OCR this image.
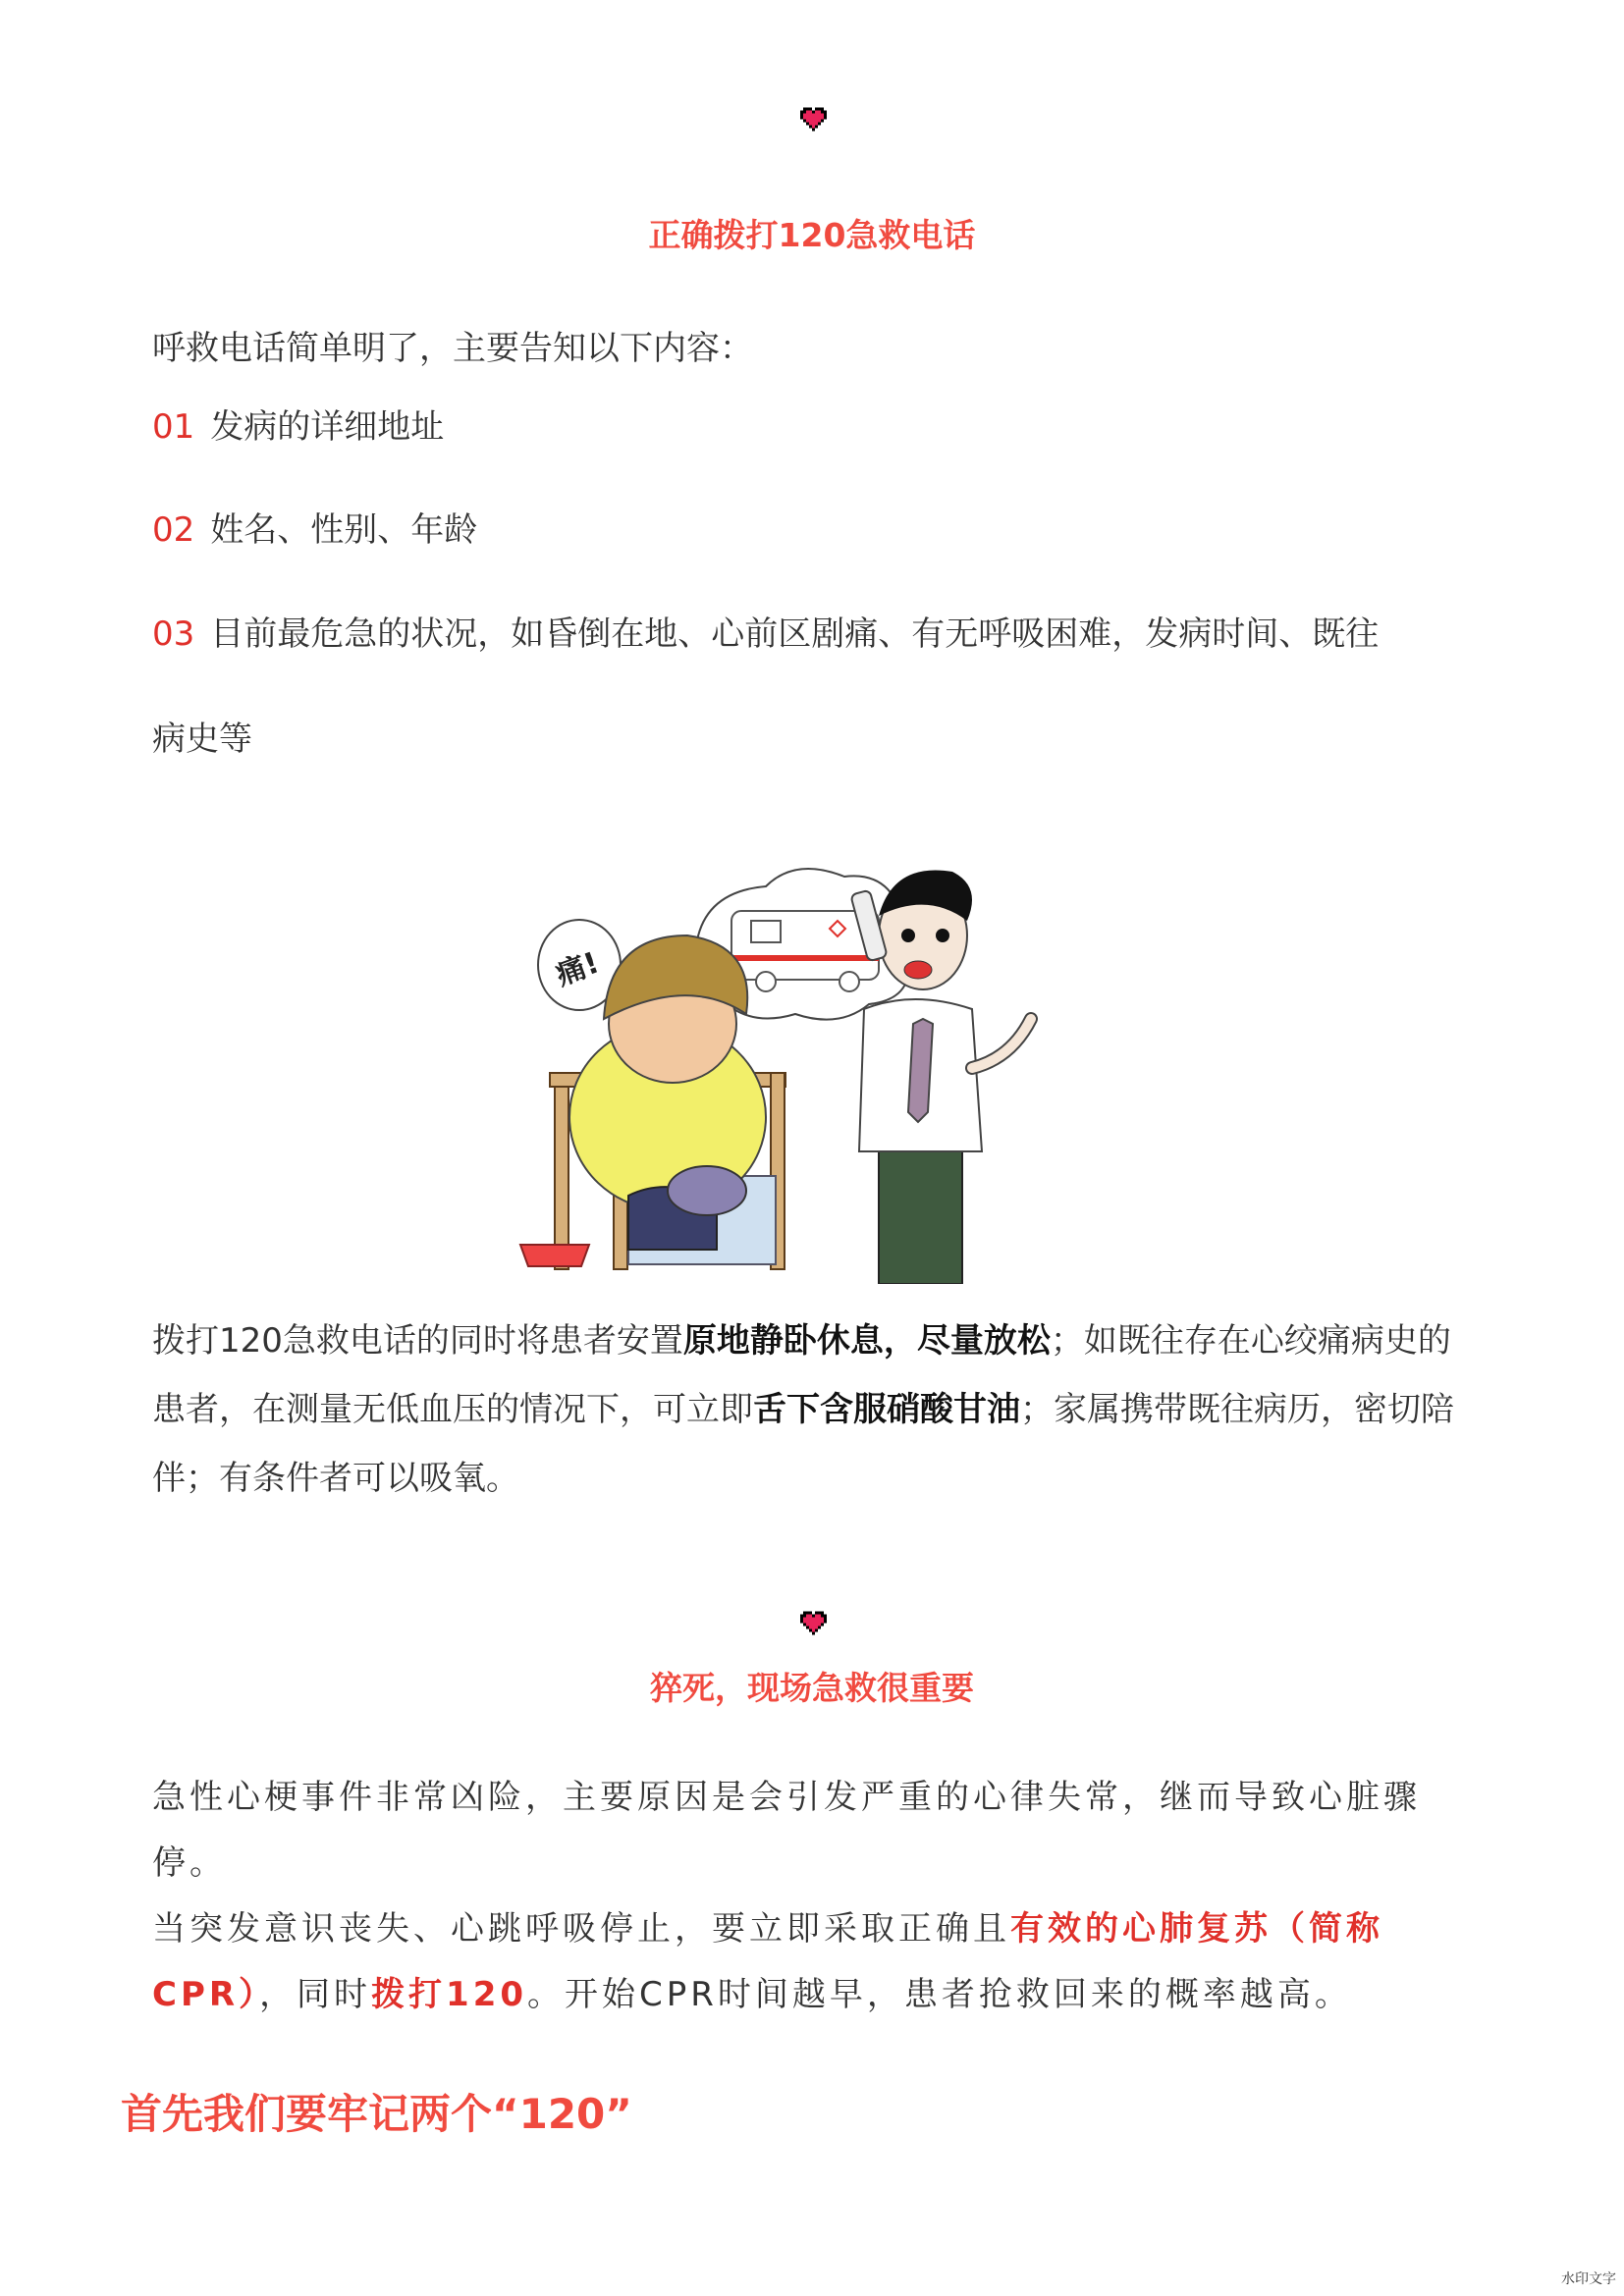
正确拨打120急救电话
呼救电话简单明了，主要告知以下内容：
01 发病的详细地址
02 姓名、性别、年龄
03 目前最危急的状况，如昏倒在地、心前区剧痛、有无呼吸困难，发病时间、既往
病史等
痛!
拨打120急救电话的同时将患者安置原地静卧休息，尽量放松；如既往存在心绞痛病史的患者，在测量无低血压的情况下，可立即舌下含服硝酸甘油；家属携带既往病历，密切陪伴；有条件者可以吸氧。
猝死，现场急救很重要
急性心梗事件非常凶险，主要原因是会引发严重的心律失常，继而导致心脏骤停。
当突发意识丧失、心跳呼吸停止，要立即采取正确且有效的心肺复苏（简称CPR），同时拨打120。开始CPR时间越早，患者抢救回来的概率越高。
首先我们要牢记两个“120”
水印文字
